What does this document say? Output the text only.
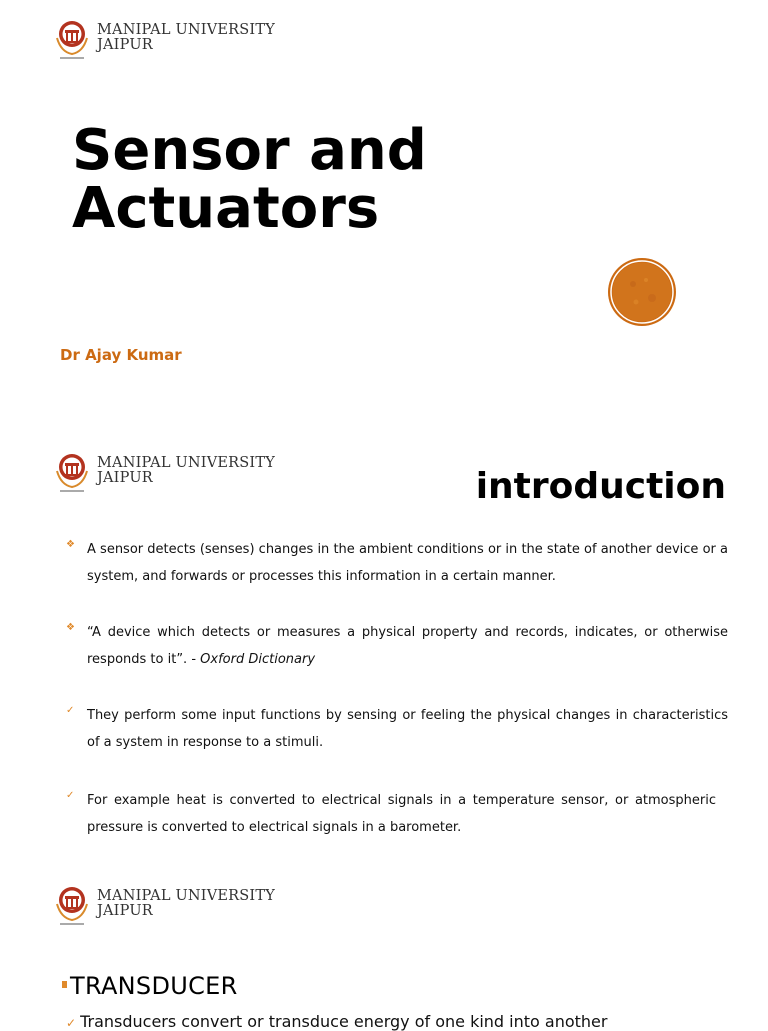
MANIPAL UNIVERSITY
JAIPUR
Sensor and
Actuators
Dr Ajay Kumar
MANIPAL UNIVERSITY
JAIPUR	introduction
❖ A sensor detects (senses) changes in the ambient conditions or in the state of another device or a system, and forwards or processes this information in a certain manner.
❖ “A device which detects or measures a physical property and records, indicates, or otherwise responds to it”. - Oxford Dictionary
✓ They perform some input functions by sensing or feeling the physical changes in characteristics of a system in response to a stimuli.
✓ For example heat is converted to electrical signals in a temperature sensor, or atmospheric pressure is converted to electrical signals in a barometer.
MANIPAL UNIVERSITY
JAIPUR
TRANSDUCER
✓ Transducers convert or transduce energy of one kind into another
